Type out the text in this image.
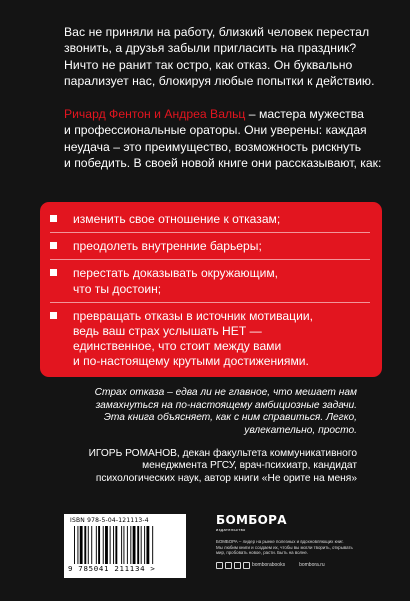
Вас не приняли на работу, близкий человек перестал

звонить, а друзья забыли пригласить на праздник?

Ничто не ранит так остро, как отказ. Он буквально

парализует нас, блокируя любые попытки к действию.

Ричард Фентон и Андреа Вальц – мастера мужества

и профессиональные ораторы. Они уверены: каждая

неудача – это преимущество, возможность рискнуть

и победить. В своей новой книге они рассказывают, как:

изменить свое отношение к отказам;
преодолеть внутренние барьеры;
перестать доказывать окружающим,
что ты достоин;
превращать отказы в источник мотивации,
ведь ваш страх услышать НЕТ —
единственное, что стоит между вами
и по-настоящему крутыми достижениями.

Страх отказа – едва ли не главное, что мешает нам

замахнуться на по-настоящему амбициозные задачи.

Эта книга объясняет, как с ним справиться. Легко,

увлекательно, просто.

ИГОРЬ РОМАНОВ, декан факультета коммуникативного

менеджмента РГСУ, врач-психиатр, кандидат

психологических наук, автор книги «Не орите на меня»

ISBN 978-5-04-121113-4
9 785041 211134 >
БОМБОРА
издательство
БОМБОРА – лидер на рынке полезных и вдохновляющих книг.
Мы любим книги и создаем их, чтобы вы могли творить, открывать
мир, пробовать новое, расти. Быть на волне.
bomborabooks	bombora.ru
